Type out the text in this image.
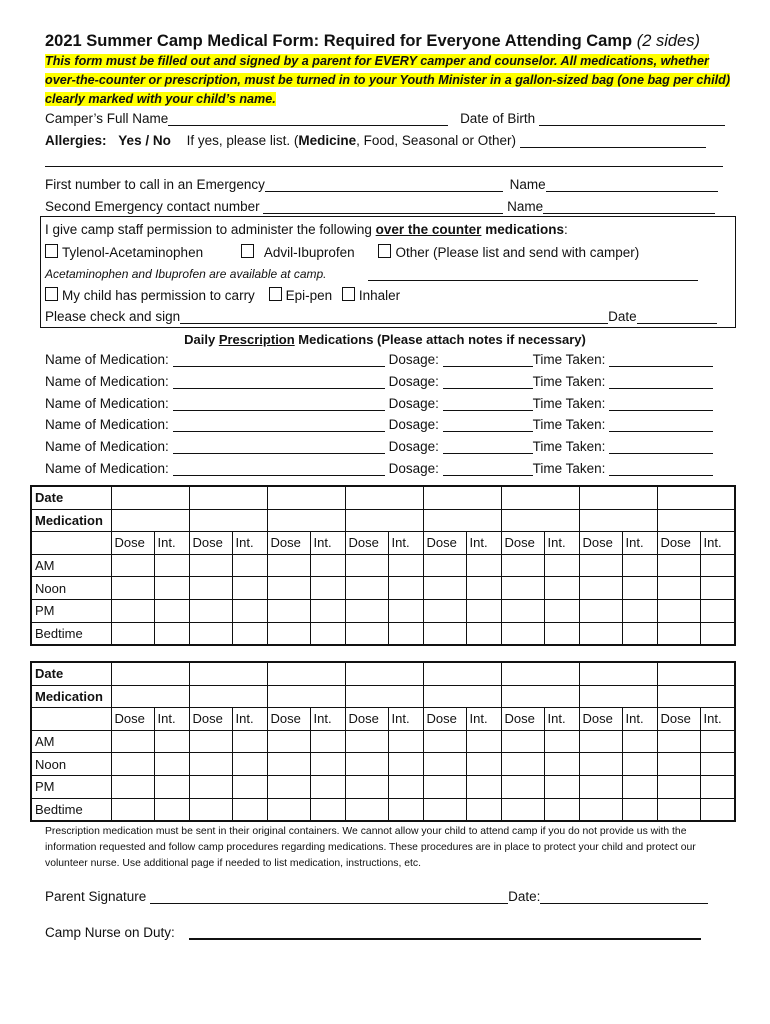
2021 Summer Camp Medical Form: Required for Everyone Attending Camp (2 sides)
This form must be filled out and signed by a parent for EVERY camper and counselor. All medications, whether over-the-counter or prescription, must be turned in to your Youth Minister in a gallon-sized bag (one bag per child) clearly marked with your child’s name.
Camper’s Full Name	Date of Birth
Allergies: Yes / No If yes, please list. (Medicine, Food, Seasonal or Other)
First number to call in an Emergency	Name
Second Emergency contact number	Name
I give camp staff permission to administer the following over the counter medications:
Tylenol-Acetaminophen	Advil-Ibuprofen	Other (Please list and send with camper)
Acetaminophen and Ibuprofen are available at camp.
My child has permission to carry Epi-pen Inhaler
Please check and sign	Date
Daily Prescription Medications (Please attach notes if necessary)
Name of Medication:	Dosage:	Time Taken:
Name of Medication:	Dosage:	Time Taken:
Name of Medication:	Dosage:	Time Taken:
Name of Medication:	Dosage:	Time Taken:
Name of Medication:	Dosage:	Time Taken:
Name of Medication:	Dosage:	Time Taken:
Date																
Medication																
	Dose	Int.	Dose	Int.	Dose	Int.	Dose	Int.	Dose	Int.	Dose	Int.	Dose	Int.	Dose	Int.
AM																
Noon																
PM																
Bedtime																
Date																
Medication																
	Dose	Int.	Dose	Int.	Dose	Int.	Dose	Int.	Dose	Int.	Dose	Int.	Dose	Int.	Dose	Int.
AM																
Noon																
PM																
Bedtime																
Prescription medication must be sent in their original containers. We cannot allow your child to attend camp if you do not provide us with the information requested and follow camp procedures regarding medications. These procedures are in place to protect your child and protect our volunteer nurse. Use additional page if needed to list medication, instructions, etc.
Parent Signature	Date:
Camp Nurse on Duty:
